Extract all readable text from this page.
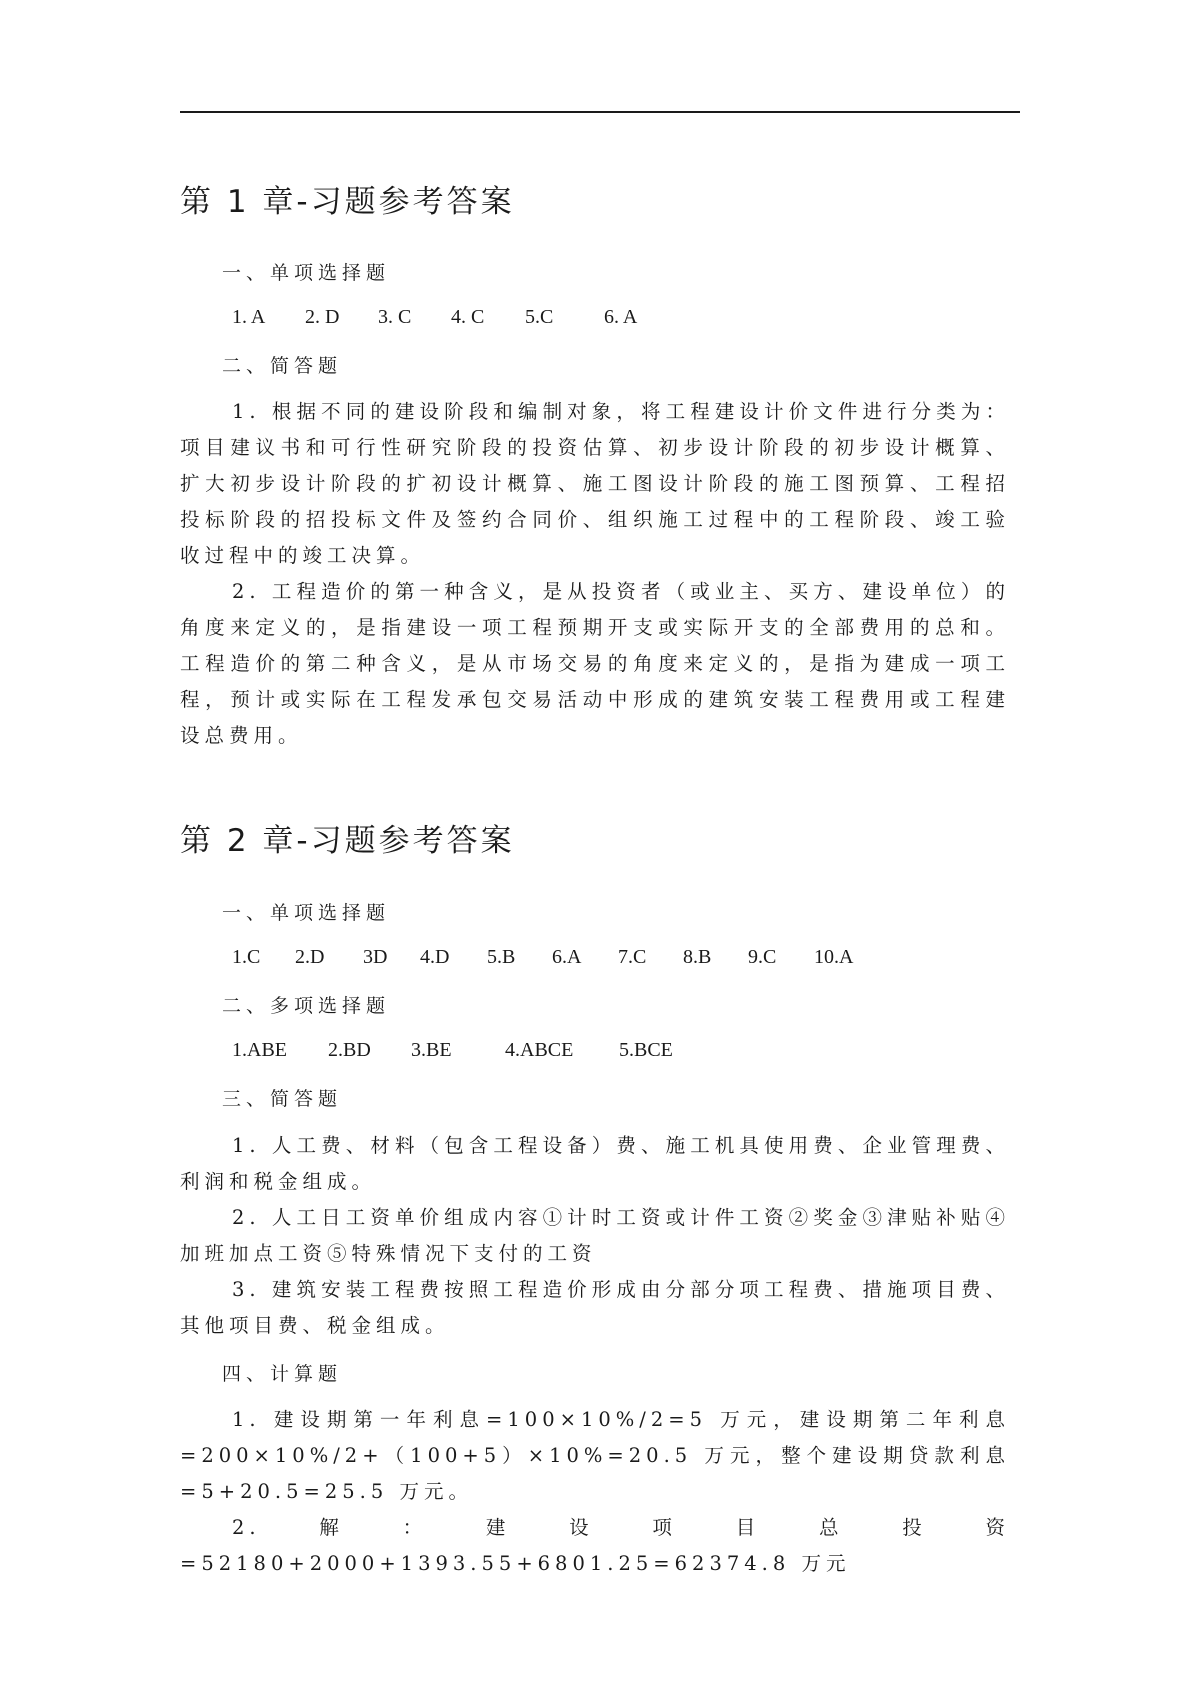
第 1 章-习题参考答案
一、单项选择题
1. A 2. D 3. C 4. C 5.C	6. A
二、简答题

1. 根据不同的建设阶段和编制对象，将工程建设计价文件进行分类为：项目建议书和可行性研究阶段的投资估算、初步设计阶段的初步设计概算、扩大初步设计阶段的扩初设计概算、施工图设计阶段的施工图预算、工程招投标阶段的招投标文件及签约合同价、组织施工过程中的工程阶段、竣工验收过程中的竣工决算。

2. 工程造价的第一种含义，是从投资者（或业主、买方、建设单位）的角度来定义的，是指建设一项工程预期开支或实际开支的全部费用的总和。工程造价的第二种含义，是从市场交易的角度来定义的，是指为建成一项工程，预计或实际在工程发承包交易活动中形成的建筑安装工程费用或工程建设总费用。

第 2 章-习题参考答案
一、单项选择题
1.C 2.D 3D 4.D 5.B 6.A 7.C 8.B 9.C 10.A
二、多项选择题
1.ABE 2.BD 3.BE	4.ABCE 5.BCE
三、简答题

1. 人工费、材料（包含工程设备）费、施工机具使用费、企业管理费、利润和税金组成。

2. 人工日工资单价组成内容①计时工资或计件工资②奖金③津贴补贴④加班加点工资⑤特殊情况下支付的工资

3. 建筑安装工程费按照工程造价形成由分部分项工程费、措施项目费、其他项目费、税金组成。

四、计算题

1. 建设期第一年利息=100×10%/2=5 万元，建设期第二年利息=200×10%/2+（100+5）×10%=20.5 万元，整个建设期贷款利息=5+20.5=25.5 万元。

2.解：建设项目总投资=52180+2000+1393.55+6801.25=62374.8 万元
